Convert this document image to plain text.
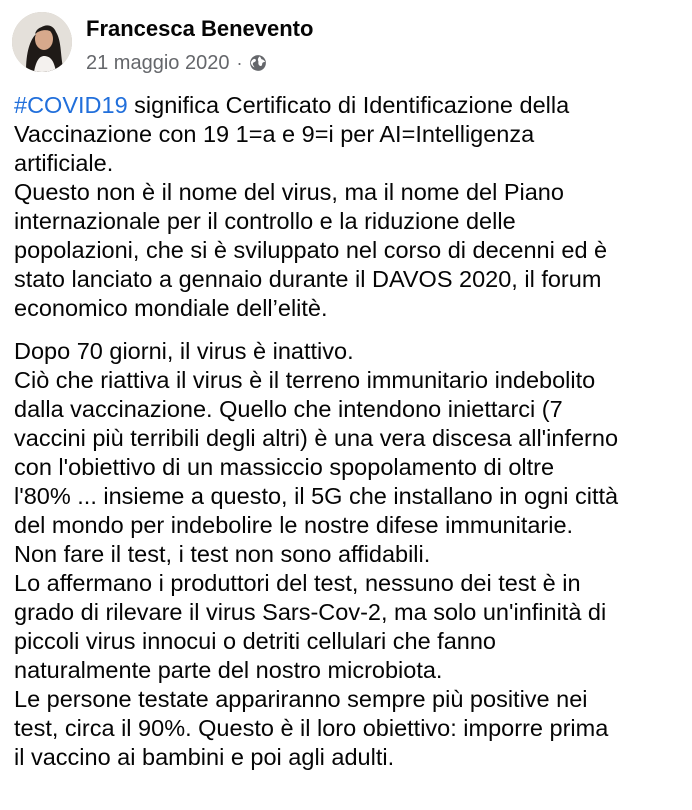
Francesca Benevento
21 maggio 2020 ·

#COVID19 significa Certificato di Identificazione della
Vaccinazione con 19 1=a e 9=i per AI=Intelligenza
artificiale.
Questo non è il nome del virus, ma il nome del Piano
internazionale per il controllo e la riduzione delle
popolazioni, che si è sviluppato nel corso di decenni ed è
stato lanciato a gennaio durante il DAVOS 2020, il forum
economico mondiale dell’elitè.

Dopo 70 giorni, il virus è inattivo.
Ciò che riattiva il virus è il terreno immunitario indebolito
dalla vaccinazione. Quello che intendono iniettarci (7
vaccini più terribili degli altri) è una vera discesa all'inferno
con l'obiettivo di un massiccio spopolamento di oltre
l'80% ... insieme a questo, il 5G che installano in ogni città
del mondo per indebolire le nostre difese immunitarie.
Non fare il test, i test non sono affidabili.
Lo affermano i produttori del test, nessuno dei test è in
grado di rilevare il virus Sars-Cov-2, ma solo un'infinità di
piccoli virus innocui o detriti cellulari che fanno
naturalmente parte del nostro microbiota.
Le persone testate appariranno sempre più positive nei
test, circa il 90%. Questo è il loro obiettivo: imporre prima
il vaccino ai bambini e poi agli adulti.
